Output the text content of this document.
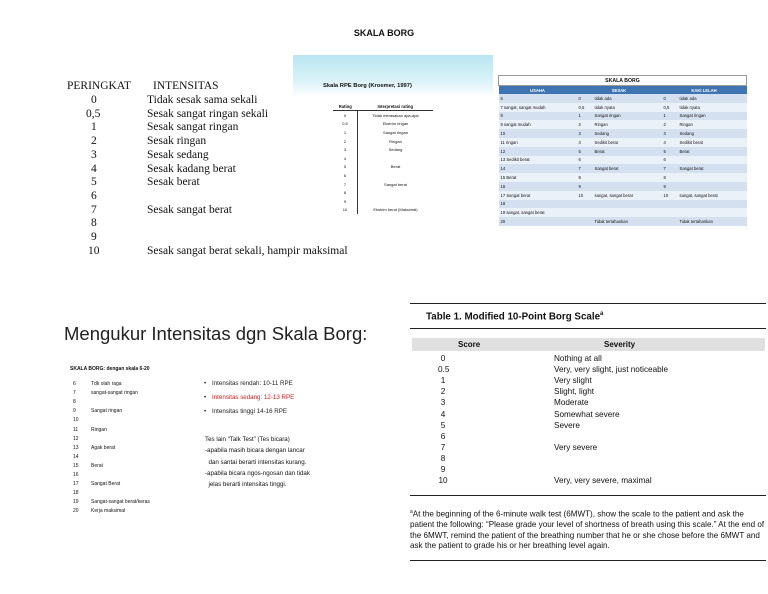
SKALA BORG
PERINGKAT INTENSITAS
0	Tidak sesak sama sekali
0,5	Sesak sangat ringan sekali
1	Sesak sangat ringan
2	Sesak ringan
3	Sesak sedang
4	Sesak kadang berat
5	Sesak berat
6
7	Sesak sangat berat
8
9
10	Sesak sangat berat sekali, hampir maksimal
Skala RPE Borg (Kroemer, 1997)
Rating	Interpretasi rating
0	Tidak merasakan apa-apa
0,5	Ekstrim ringan
1	Sangat ringan
2	Ringan
3	Sedang
4	
5	Berat
6	
7	Sangat berat
8	
9	
10	Ekstrim berat (Maksimal)
SKALA BORG				
USAHA	SESAK		KAKI LELAH	
6	0	tidak ada	0	tidak ada
7 sangat, sangat mudah	0,5	tidak nyata	0,5	tidak nyata
8	1	Sangat ringan	1	Sangat ringan
9 sangat mudah	2	Ringan	2	Ringan
10	3	Sedang	3	Sedang
11 ringan	4	Sedikit berat	4	Sedikit berat
12	5	Berat	5	Berat
13 Sedikit berat	6		6	
14	7	Sangat berat	7	Sangat berat
15 Berat	8		8	
16	9		9	
17 Sangat berat	10	sangat, sangat berat	10	sangat, sangat berat
18				
19 sangat, sangat berat				
20		Tidak tertahankan		Tidak tertahankan
Mengukur Intensitas dgn Skala Borg:
SKALA BORG: dengan skala 6-20
6	Tdk olah raga
7	sangat-sangat ringan
8
9	Sangat ringan
10
11	Ringan
12
13	Agak berat
14
15	Berat
16
17	Sangat Berat
18
19	Sangat-sangat berat/keras
20	Kerja maksimal
• Intensitas rendah: 10-11 RPE
• Intensitas sedang: 12-13 RPE
• Intensitas tinggi 14-16 RPE
Tes lain “Talk Test” (Tes bicara)
-apabila masih bicara dengan lancar
dan santai berarti intensitas kurang.
-apabila bicara ngos-ngosan dan tidak
jelas berarti intensitas tinggi.
Table 1. Modified 10-Point Borg Scale$^a$
Score	Severity
0	Nothing at all
0.5	Very, very slight, just noticeable
1	Very slight
2	Slight, light
3	Moderate
4	Somewhat severe
5	Severe
6
7	Very severe
8
9
10	Very, very severe, maximal
$^a$At the beginning of the 6-minute walk test (6MWT), show the scale to the patient and ask the patient the following: “Please grade your level of shortness of breath using this scale.” At the end of the 6MWT, remind the patient of the breathing number that he or she chose before the 6MWT and ask the patient to grade his or her breathing level again.
